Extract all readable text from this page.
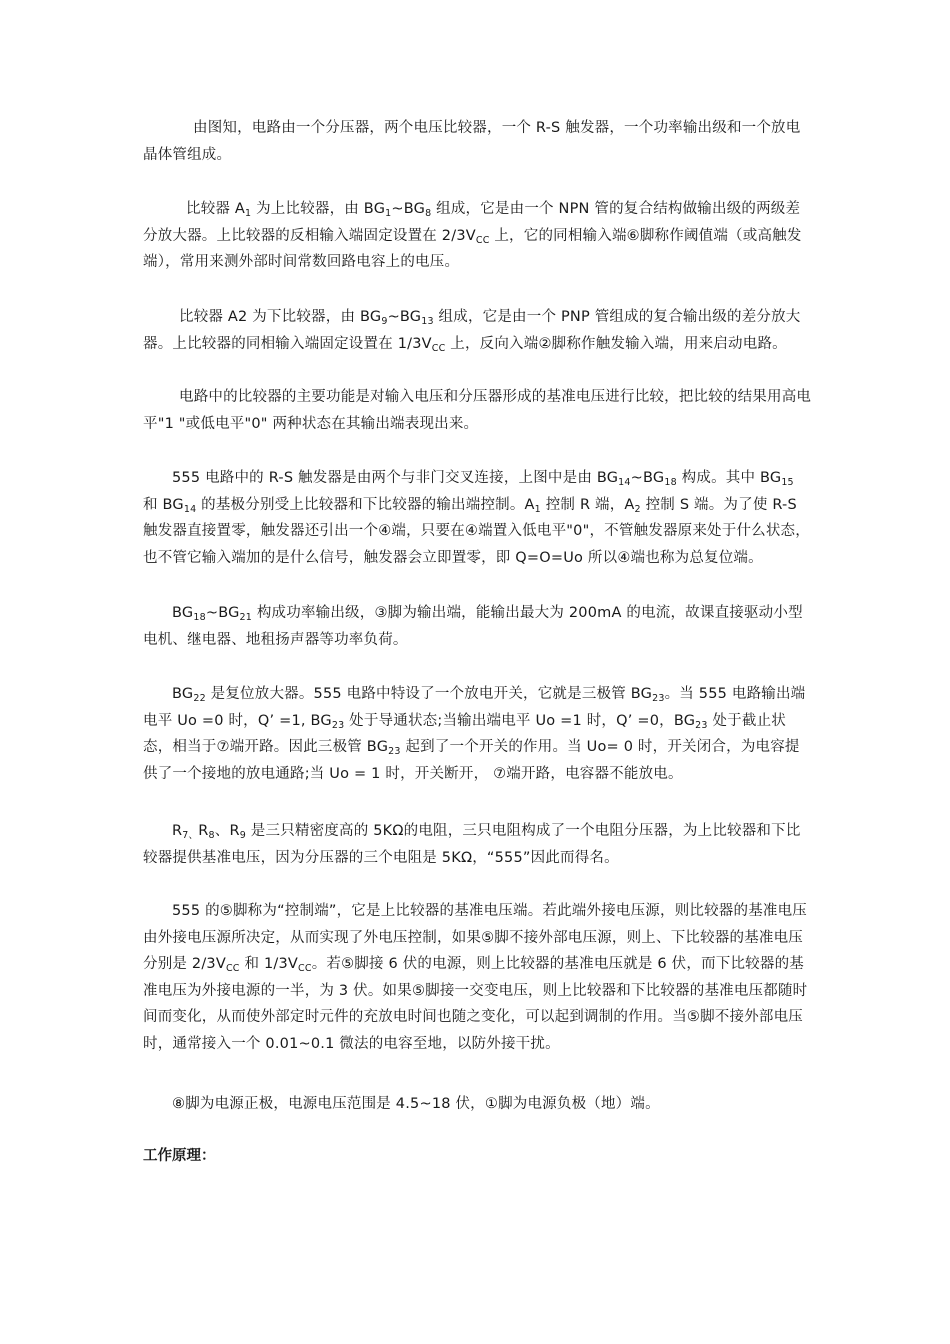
由图知，电路由一个分压器，两个电压比较器，一个 R-S 触发器，一个功率输出级和一个放电晶体管组成。

比较器 $A_1$ 为上比较器，由 $BG_1\sim BG_8$ 组成，它是由一个 NPN 管的复合结构做输出级的两级差分放大器。上比较器的反相输入端固定设置在 $2/3V_{CC}$ 上，它的同相输入端⑥脚称作阈值端（或高触发端），常用来测外部时间常数回路电容上的电压。

比较器 A2 为下比较器，由 $BG_9\sim BG_{13}$ 组成，它是由一个 PNP 管组成的复合输出级的差分放大器。上比较器的同相输入端固定设置在 $1/3V_{CC}$ 上，反向入端②脚称作触发输入端，用来启动电路。

电路中的比较器的主要功能是对输入电压和分压器形成的基准电压进行比较，把比较的结果用高电平"1 "或低电平"0" 两种状态在其输出端表现出来。

555 电路中的 R-S 触发器是由两个与非门交叉连接，上图中是由 $BG_{14}\sim BG_{18}$ 构成。其中 $BG_{15}$ 和 $BG_{14}$ 的基极分别受上比较器和下比较器的输出端控制。$A_1$ 控制 R 端，$A_2$ 控制 S 端。为了使 R-S 触发器直接置零，触发器还引出一个④端，只要在④端置入低电平"0"，不管触发器原来处于什么状态，也不管它输入端加的是什么信号，触发器会立即置零，即 Q=O=Uo 所以④端也称为总复位端。

$BG_{18}\sim BG_{21}$ 构成功率输出级，③脚为输出端，能输出最大为 200mA 的电流，故课直接驱动小型电机、继电器、地租扬声器等功率负荷。

$BG_{22}$ 是复位放大器。555 电路中特设了一个放电开关，它就是三极管 $BG_{23}$。当 555 电路输出端电平 Uo =0 时，Q’ =1, $BG_{23}$ 处于导通状态;当输出端电平 Uo =1 时，Q’ =0，$BG_{23}$ 处于截止状态，相当于⑦端开路。因此三极管 $BG_{23}$ 起到了一个开关的作用。当 Uo= 0 时，开关闭合，为电容提供了一个接地的放电通路;当 Uo = 1 时，开关断开， ⑦端开路，电容器不能放电。

$R_{7、}R_8$、$R_9$ 是三只精密度高的 5KΩ的电阻，三只电阻构成了一个电阻分压器，为上比较器和下比较器提供基准电压，因为分压器的三个电阻是 5KΩ，“555”因此而得名。

555 的⑤脚称为“控制端”，它是上比较器的基准电压端。若此端外接电压源，则比较器的基准电压由外接电压源所决定，从而实现了外电压控制，如果⑤脚不接外部电压源，则上、下比较器的基准电压分别是 $2/3V_{CC}$ 和 $1/3V_{CC}$。若⑤脚接 6 伏的电源，则上比较器的基准电压就是 6 伏，而下比较器的基准电压为外接电源的一半，为 3 伏。如果⑤脚接一交变电压，则上比较器和下比较器的基准电压都随时间而变化，从而使外部定时元件的充放电时间也随之变化，可以起到调制的作用。当⑤脚不接外部电压时，通常接入一个 0.01~0.1 微法的电容至地，以防外接干扰。

⑧脚为电源正极，电源电压范围是 4.5~18 伏，①脚为电源负极（地）端。

工作原理：
